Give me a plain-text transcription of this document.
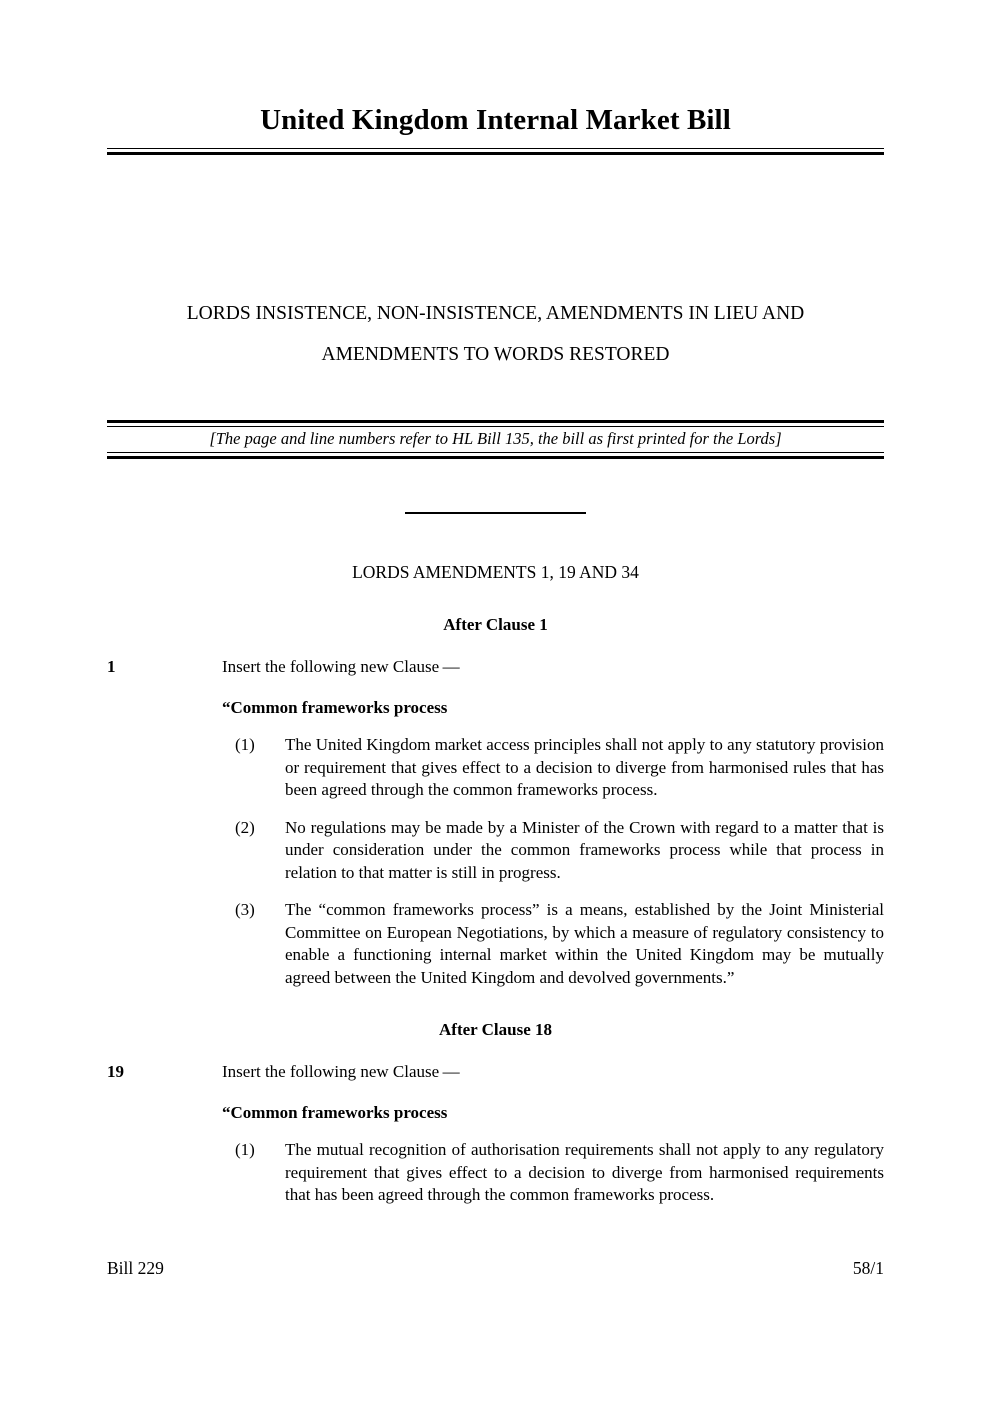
United Kingdom Internal Market Bill
LORDS INSISTENCE, NON-INSISTENCE, AMENDMENTS IN LIEU AND
AMENDMENTS TO WORDS RESTORED
[The page and line numbers refer to HL Bill 135, the bill as first printed for the Lords]
LORDS AMENDMENTS 1, 19 AND 34
After Clause 1
1	Insert the following new Clause —
“Common frameworks process
(1) The United Kingdom market access principles shall not apply to any statutory provision or requirement that gives effect to a decision to diverge from harmonised rules that has been agreed through the common frameworks process.
(2) No regulations may be made by a Minister of the Crown with regard to a matter that is under consideration under the common frameworks process while that process in relation to that matter is still in progress.
(3) The “common frameworks process” is a means, established by the Joint Ministerial Committee on European Negotiations, by which a measure of regulatory consistency to enable a functioning internal market within the United Kingdom may be mutually agreed between the United Kingdom and devolved governments.”
After Clause 18
19	Insert the following new Clause —
“Common frameworks process
(1) The mutual recognition of authorisation requirements shall not apply to any regulatory requirement that gives effect to a decision to diverge from harmonised requirements that has been agreed through the common frameworks process.
Bill 229	58/1
